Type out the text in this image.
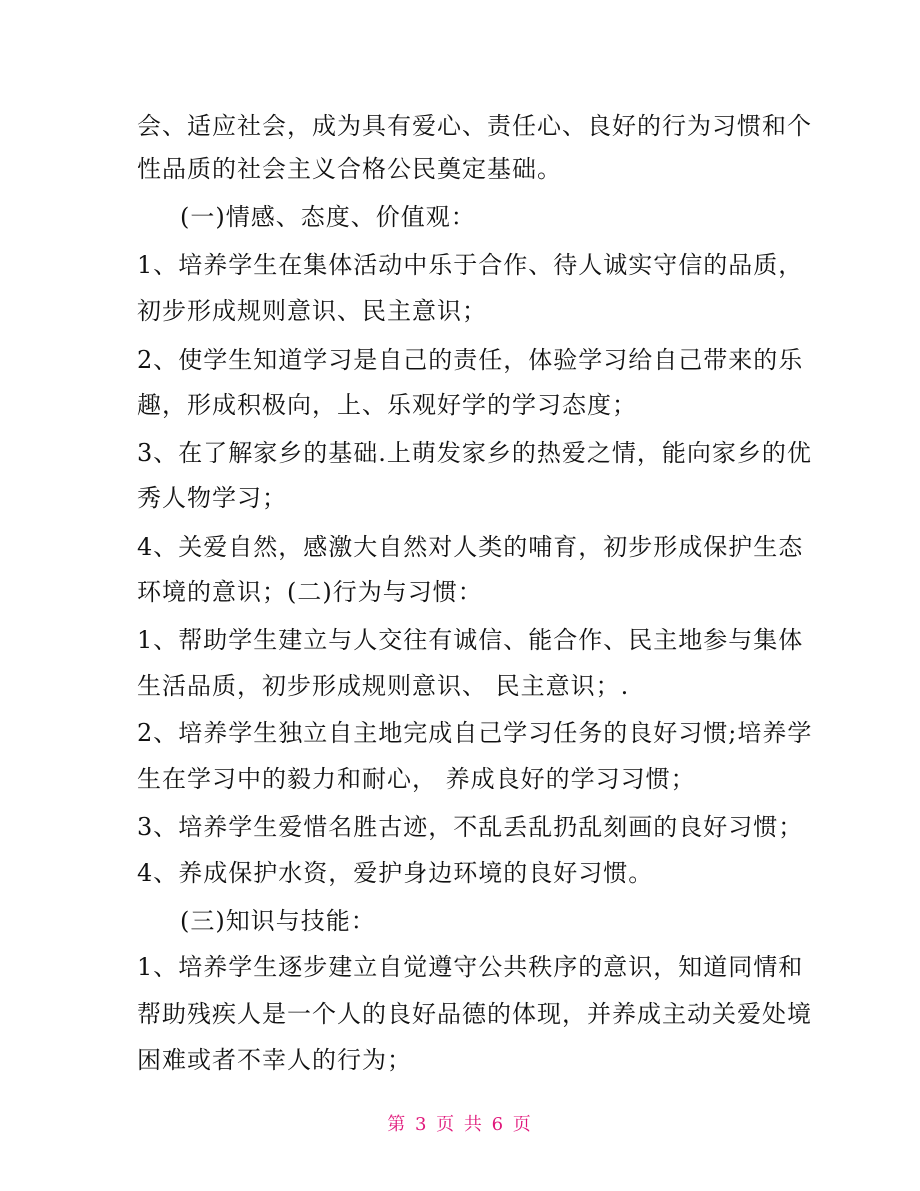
会、适应社会，成为具有爱心、责任心、良好的行为习惯和个
性品质的社会主义合格公民奠定基础。
(一)情感、态度、价值观：
1、培养学生在集体活动中乐于合作、待人诚实守信的品质，
初步形成规则意识、民主意识；
2、使学生知道学习是自己的责任，体验学习给自己带来的乐
趣，形成积极向，上、乐观好学的学习态度；
3、在了解家乡的基础.上萌发家乡的热爱之情，能向家乡的优
秀人物学习；
4、关爱自然，感激大自然对人类的哺育，初步形成保护生态
环境的意识；(二)行为与习惯：
1、帮助学生建立与人交往有诚信、能合作、民主地参与集体
生活品质，初步形成规则意识、 民主意识；.
2、培养学生独立自主地完成自己学习任务的良好习惯;培养学
生在学习中的毅力和耐心， 养成良好的学习习惯；
3、培养学生爱惜名胜古迹，不乱丢乱扔乱刻画的良好习惯；
4、养成保护水资，爱护身边环境的良好习惯。
(三)知识与技能：
1、培养学生逐步建立自觉遵守公共秩序的意识，知道同情和
帮助残疾人是一个人的良好品德的体现，并养成主动关爱处境
困难或者不幸人的行为；
第 3 页 共 6 页
